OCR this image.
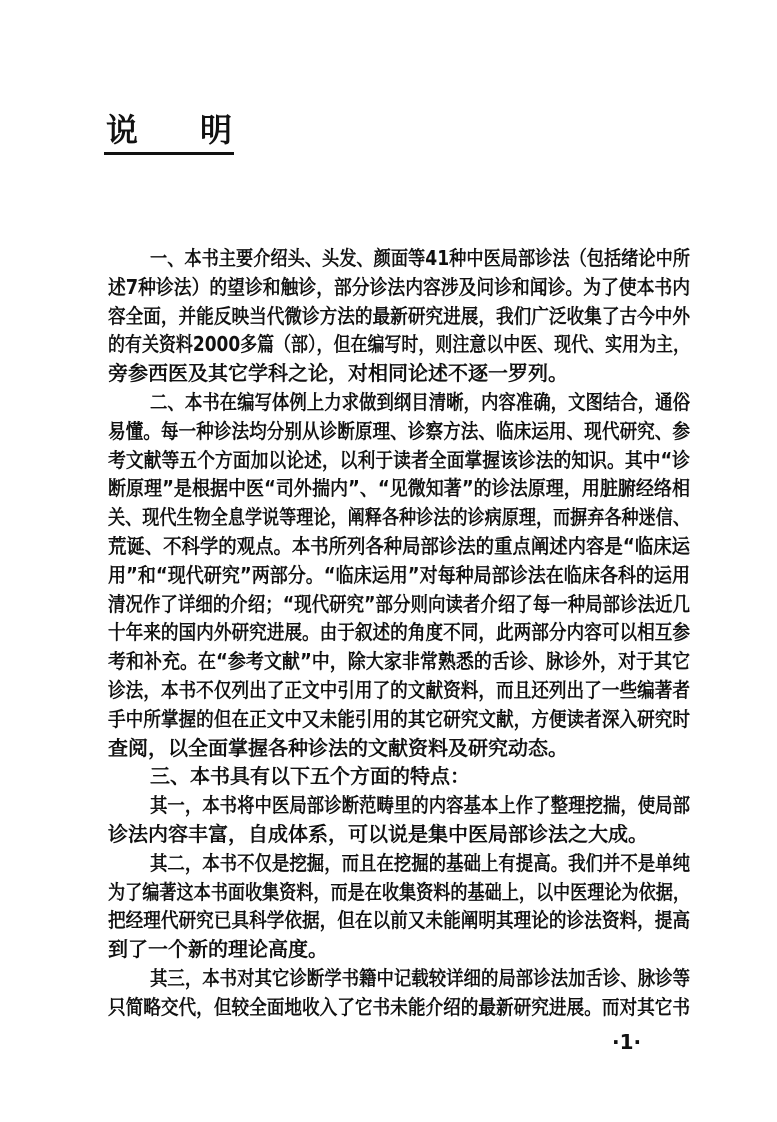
说 明
一、本书主要介绍头、头发、颜面等41种中医局部诊法（包括绪论中所
述7种诊法）的望诊和触诊，部分诊法内容涉及问诊和闻诊。为了使本书内
容全面，并能反映当代微诊方法的最新研究进展，我们广泛收集了古今中外
的有关资料2000多篇（部），但在编写时，则注意以中医、现代、实用为主，
旁参西医及其它学科之论，对相同论述不逐一罗列。
二、本书在编写体例上力求做到纲目清晰，内容准确，文图结合，通俗
易懂。每一种诊法均分别从诊断原理、诊察方法、临床运用、现代研究、参
考文献等五个方面加以论述，以利于读者全面掌握该诊法的知识。其中“诊
断原理”是根据中医“司外揣内”、“见微知著”的诊法原理，用脏腑经络相
关、现代生物全息学说等理论，阐释各种诊法的诊病原理，而摒弃各种迷信、
荒诞、不科学的观点。本书所列各种局部诊法的重点阐述内容是“临床运
用”和“现代研究”两部分。“临床运用”对每种局部诊法在临床各科的运用
清况作了详细的介绍；“现代研究”部分则向读者介绍了每一种局部诊法近几
十年来的国内外研究进展。由于叙述的角度不同，此两部分内容可以相互参
考和补充。在“参考文献”中，除大家非常熟悉的舌诊、脉诊外，对于其它
诊法，本书不仅列出了正文中引用了的文献资料，而且还列出了一些编著者
手中所掌握的但在正文中又未能引用的其它研究文献，方便读者深入研究时
查阅，以全面掌握各种诊法的文献资料及研究动态。
三、本书具有以下五个方面的特点：
其一，本书将中医局部诊断范畴里的内容基本上作了整理挖揣，使局部
诊法内容丰富，自成体系，可以说是集中医局部诊法之大成。
其二，本书不仅是挖掘，而且在挖掘的基础上有提高。我们并不是单纯
为了编著这本书面收集资料，而是在收集资料的基础上，以中医理论为依据，
把经理代研究已具科学依据，但在以前又未能阐明其理论的诊法资料，提高
到了一个新的理论高度。
其三，本书对其它诊断学书籍中记载较详细的局部诊法加舌诊、脉诊等
只简略交代，但较全面地收入了它书未能介绍的最新研究进展。而对其它书
·1·
